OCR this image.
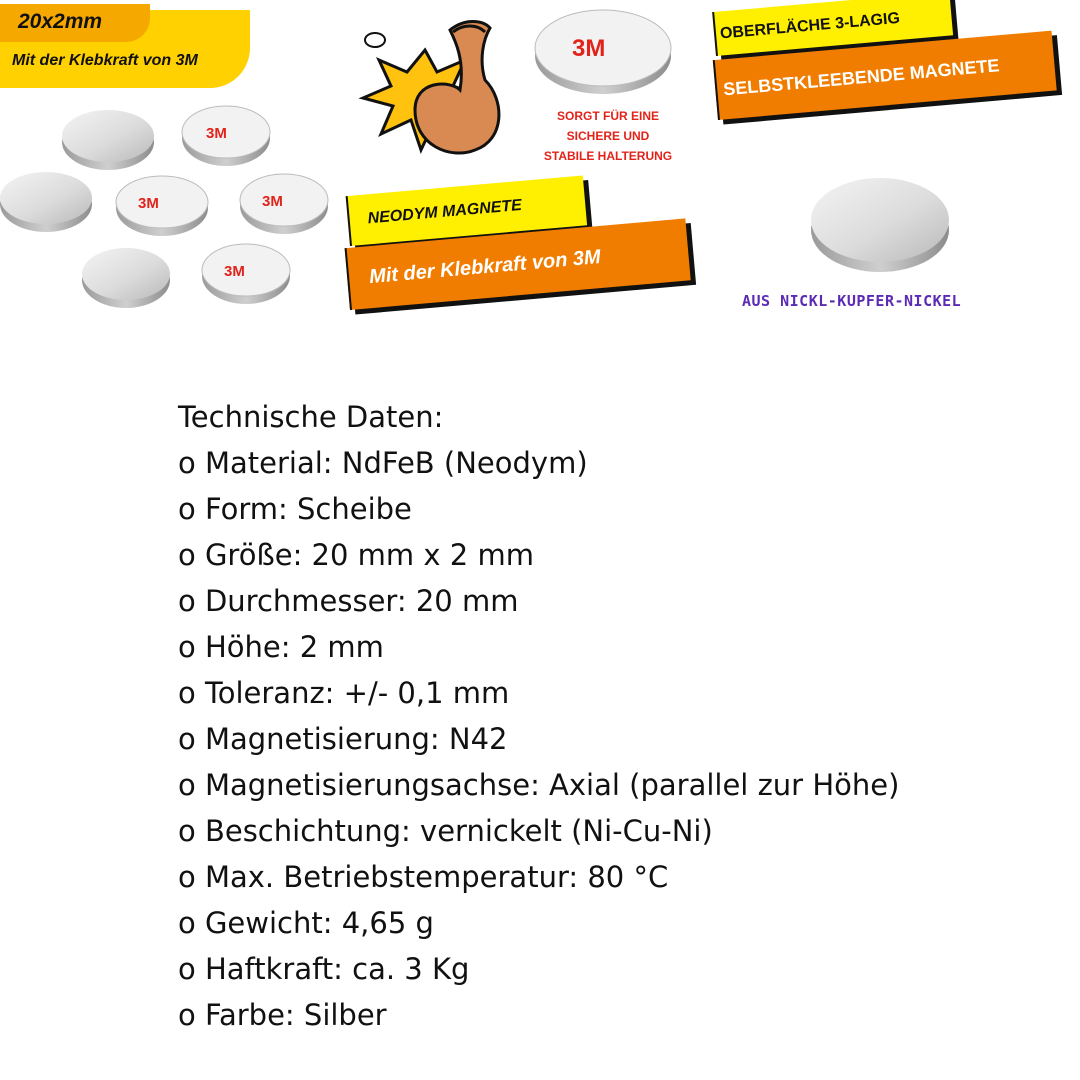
20x2mm
Mit der Klebkraft von 3M
3M
3M	3M
3M
3M
SORGT FÜR EINE
SICHERE UND
STABILE HALTERUNG
OBERFLÄCHE 3-LAGIG
SELBSTKLEEBENDE MAGNETE
NEODYM MAGNETE
Mit der Klebkraft von 3M
AUS NICKL-KUPFER-NICKEL
Technische Daten:
o Material: NdFeB (Neodym)
o Form: Scheibe
o Größe: 20 mm x 2 mm
o Durchmesser: 20 mm
o Höhe: 2 mm
o Toleranz: +/- 0,1 mm
o Magnetisierung: N42
o Magnetisierungsachse: Axial (parallel zur Höhe)
o Beschichtung: vernickelt (Ni-Cu-Ni)
o Max. Betriebstemperatur: 80 °C
o Gewicht: 4,65 g
o Haftkraft: ca. 3 Kg
o Farbe: Silber
